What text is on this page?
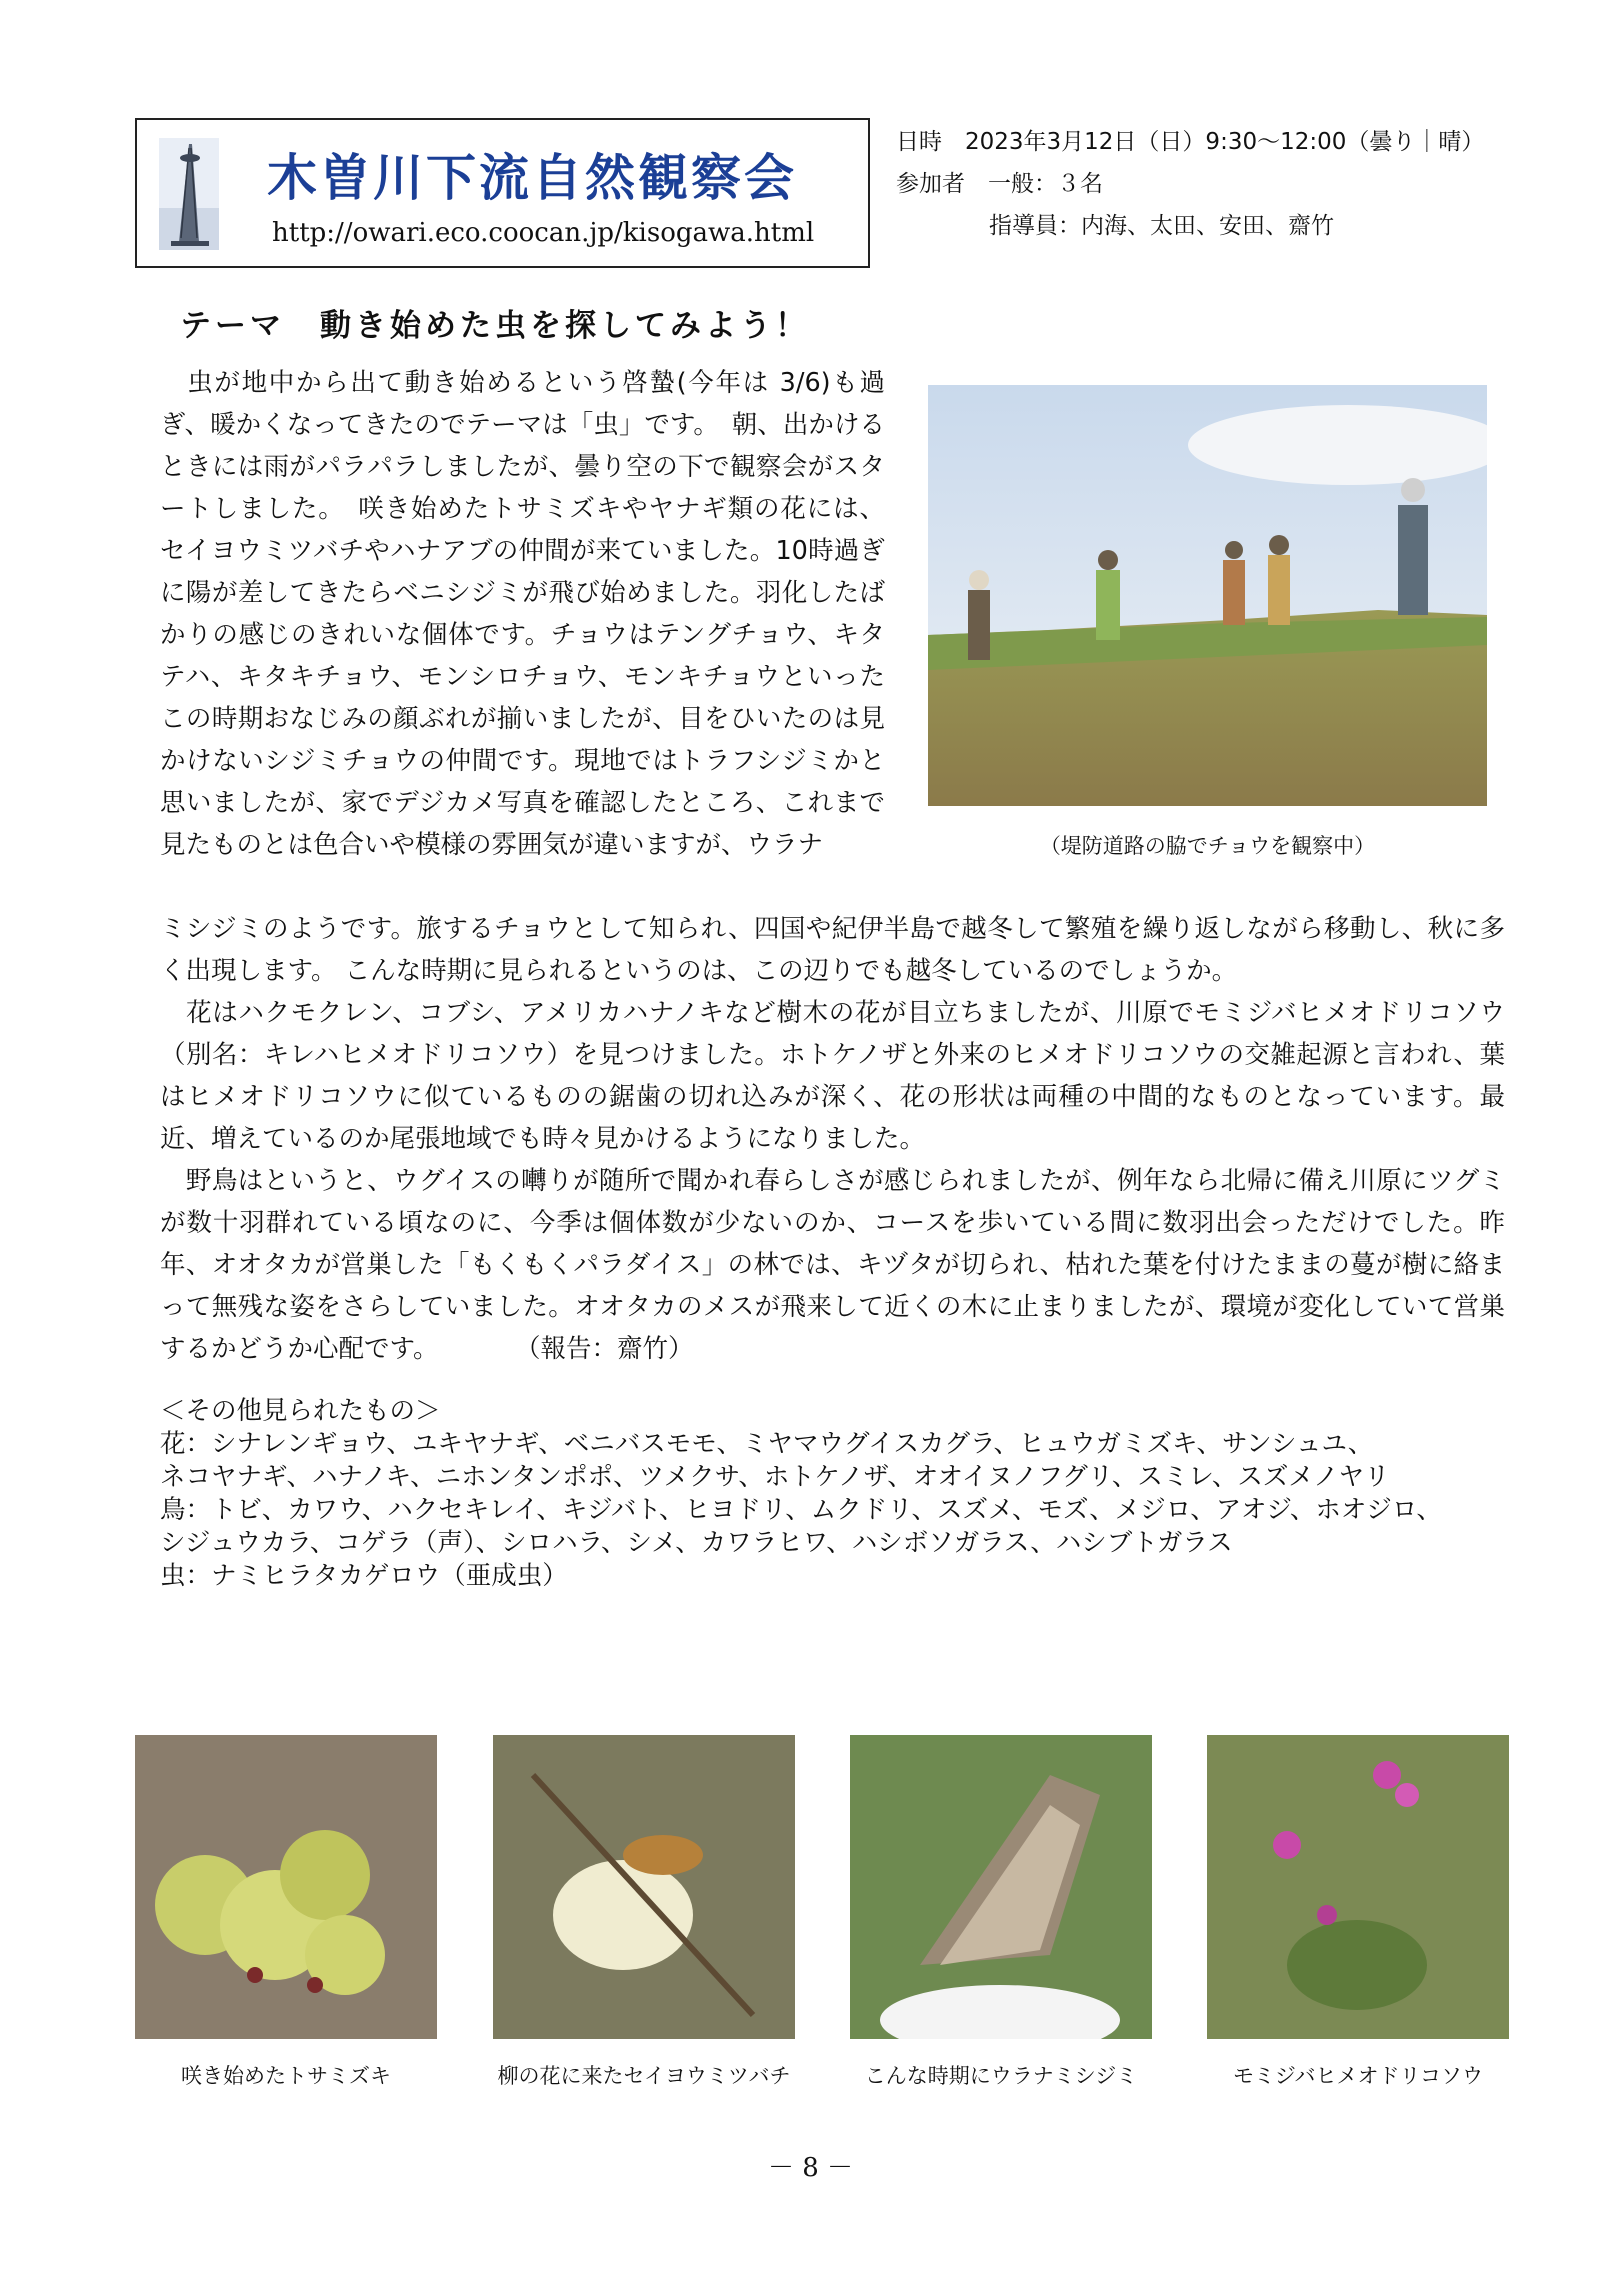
木曽川下流自然観察会
http://owari.eco.coocan.jp/kisogawa.html
日時　2023年3月12日（日）9:30～12:00（曇り｜晴）
参加者　一般：３名
指導員：内海、太田、安田、齋竹
テーマ　動き始めた虫を探してみよう！
　虫が地中から出て動き始めるという啓蟄(今年は 3/6)も過ぎ、暖かくなってきたのでテーマは「虫」です。　朝、出かけるときには雨がパラパラしましたが、曇り空の下で観察会がスタートしました。　咲き始めたトサミズキやヤナギ類の花には、セイヨウミツバチやハナアブの仲間が来ていました。10時過ぎに陽が差してきたらベニシジミが飛び始めました。羽化したばかりの感じのきれいな個体です。チョウはテングチョウ、キタテハ、キタキチョウ、モンシロチョウ、モンキチョウといったこの時期おなじみの顔ぶれが揃いましたが、目をひいたのは見かけないシジミチョウの仲間です。現地ではトラフシジミかと思いましたが、家でデジカメ写真を確認したところ、これまで見たものとは色合いや模様の雰囲気が違いますが、ウラナ	（堤防道路の脇でチョウを観察中）
ミシジミのようです。旅するチョウとして知られ、四国や紀伊半島で越冬して繁殖を繰り返しながら移動し、秋に多く出現します。 こんな時期に見られるというのは、この辺りでも越冬しているのでしょうか。
　花はハクモクレン、コブシ、アメリカハナノキなど樹木の花が目立ちましたが、川原でモミジバヒメオドリコソウ（別名：キレハヒメオドリコソウ）を見つけました。ホトケノザと外来のヒメオドリコソウの交雑起源と言われ、葉はヒメオドリコソウに似ているものの鋸歯の切れ込みが深く、花の形状は両種の中間的なものとなっています。最近、増えているのか尾張地域でも時々見かけるようになりました。
　野鳥はというと、ウグイスの囀りが随所で聞かれ春らしさが感じられましたが、例年なら北帰に備え川原にツグミが数十羽群れている頃なのに、今季は個体数が少ないのか、コースを歩いている間に数羽出会っただけでした。昨年、オオタカが営巣した「もくもくパラダイス」の林では、キヅタが切られ、枯れた葉を付けたままの蔓が樹に絡まって無残な姿をさらしていました。オオタカのメスが飛来して近くの木に止まりましたが、環境が変化していて営巣するかどうか心配です。　　　　（報告：齋竹）
＜その他見られたもの＞
花：シナレンギョウ、ユキヤナギ、ベニバスモモ、ミヤマウグイスカグラ、ヒュウガミズキ、サンシュユ、
ネコヤナギ、ハナノキ、ニホンタンポポ、ツメクサ、ホトケノザ、オオイヌノフグリ、スミレ、スズメノヤリ
鳥：トビ、カワウ、ハクセキレイ、キジバト、ヒヨドリ、ムクドリ、スズメ、モズ、メジロ、アオジ、ホオジロ、
シジュウカラ、コゲラ（声）、シロハラ、シメ、カワラヒワ、ハシボソガラス、ハシブトガラス
虫：ナミヒラタカゲロウ（亜成虫）
咲き始めたトサミズキ	柳の花に来たセイヨウミツバチ	こんな時期にウラナミシジミ	モミジバヒメオドリコソウ
－ 8 －
